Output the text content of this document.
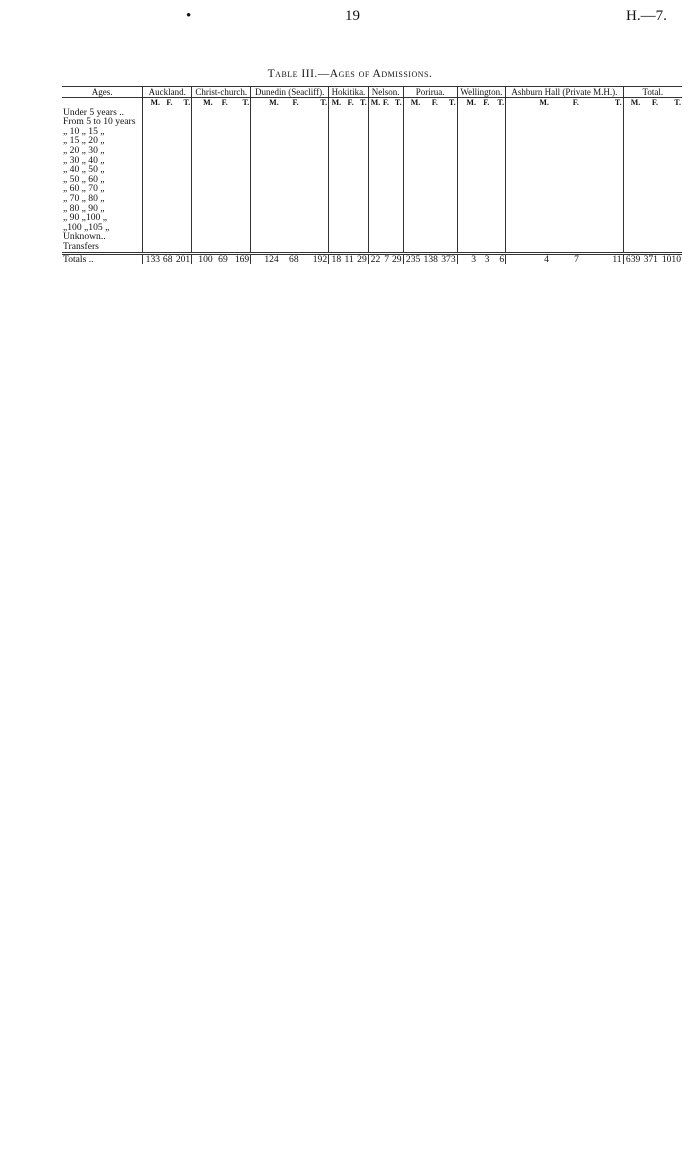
•	19	H.—7.
Table III.—Ages of Admissions.
Ages.	Auckland.			Christ-church.			Dunedin (Seacliff).			Hokitika.			Nelson.			Porirua.			Wellington.			Ashburn Hall (Private M.H.).			Total.		
	M.	F.	T.	M.	F.	T.	M.	F.	T.	M.	F.	T.	M.	F.	T.	M.	F.	T.	M.	F.	T.	M.	F.	T.	M.	F.	T.
Under 5 years ..																											
From 5 to 10 years																											
„ 10 „ 15 „																											
„ 15 „ 20 „																											
„ 20 „ 30 „																											
„ 30 „ 40 „																											
„ 40 „ 50 „																											
„ 50 „ 60 „																											
„ 60 „ 70 „																											
„ 70 „ 80 „																											
„ 80 „ 90 „																											
„ 90 „100 „																											
„100 „105 „																											
Unknown..																											
Transfers																											
Totals ..	133	68	201	100	69	169	124	68	192	18	11	29	22	7	29	235	138	373	3	3	6	4	7	11	639	371	1010
